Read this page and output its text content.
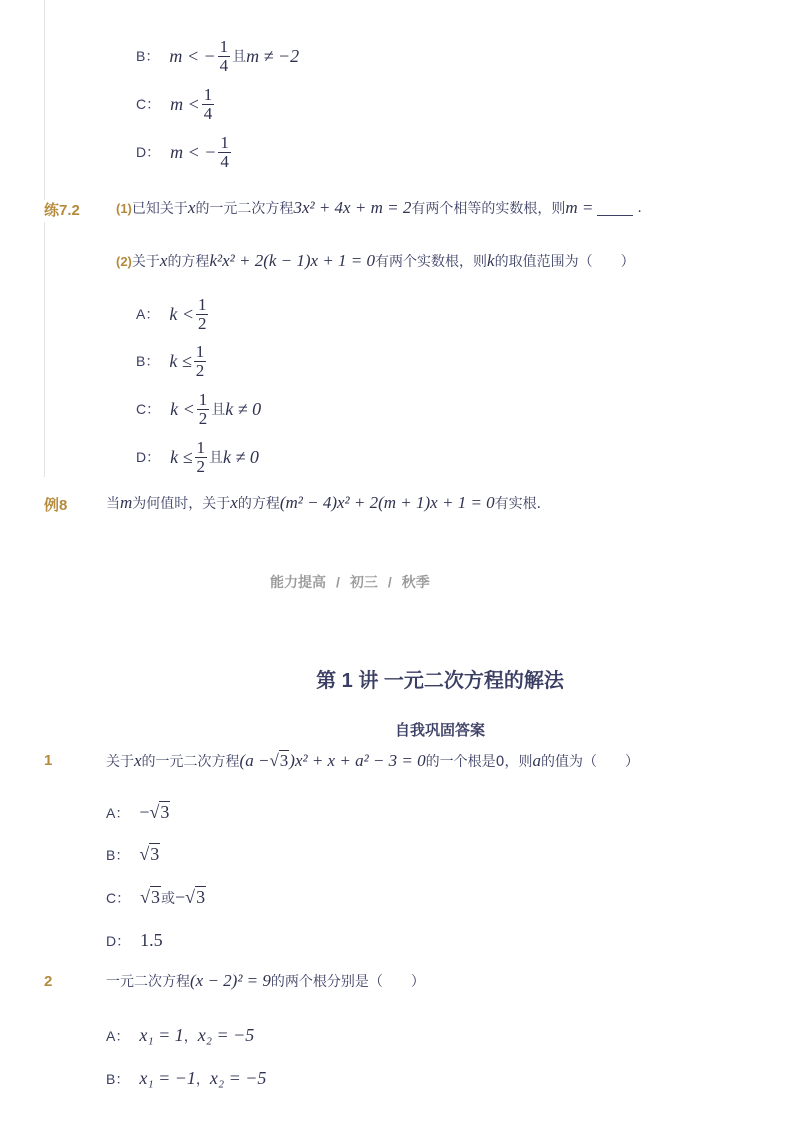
B： m < − $\frac{1}{4}$ 且 m ≠ −2
C： $m < \frac{1}{4}$
D： m < − $\frac{1}{4}$
练7.2	(1) 已知关于 x 的一元二次方程 3x² + 4x + m = 2 有两个相等的实数根，则 m =	.
(2) 关于 x 的方程 k²x² + 2(k − 1)x + 1 = 0 有两个实数根，则 k 的取值范围为（　　）
A： $k < \frac{1}{2}$
B： $k \le \frac{1}{2}$
C： $k < \frac{1}{2}$ 且 k ≠ 0
D： $k \le \frac{1}{2}$ 且 k ≠ 0
例8	当 m 为何值时，关于 x 的方程 (m² − 4)x² + 2(m + 1)x + 1 = 0 有实根．
能力提高 / 初三 / 秋季
第 1 讲 一元二次方程的解法
自我巩固答案
1	关于 x 的一元二次方程 (a − √3 )x² + x + a² − 3 = 0 的一个根是0，则 a 的值为（　　）
A： − √3
B： √3
C： √3 或 − √3
D： 1.5
2	一元二次方程 (x − 2)² = 9 的两个根分别是（　　）
A： x₁ = 1 ， x₂ = −5
B： x₁ = −1 ， x₂ = −5
